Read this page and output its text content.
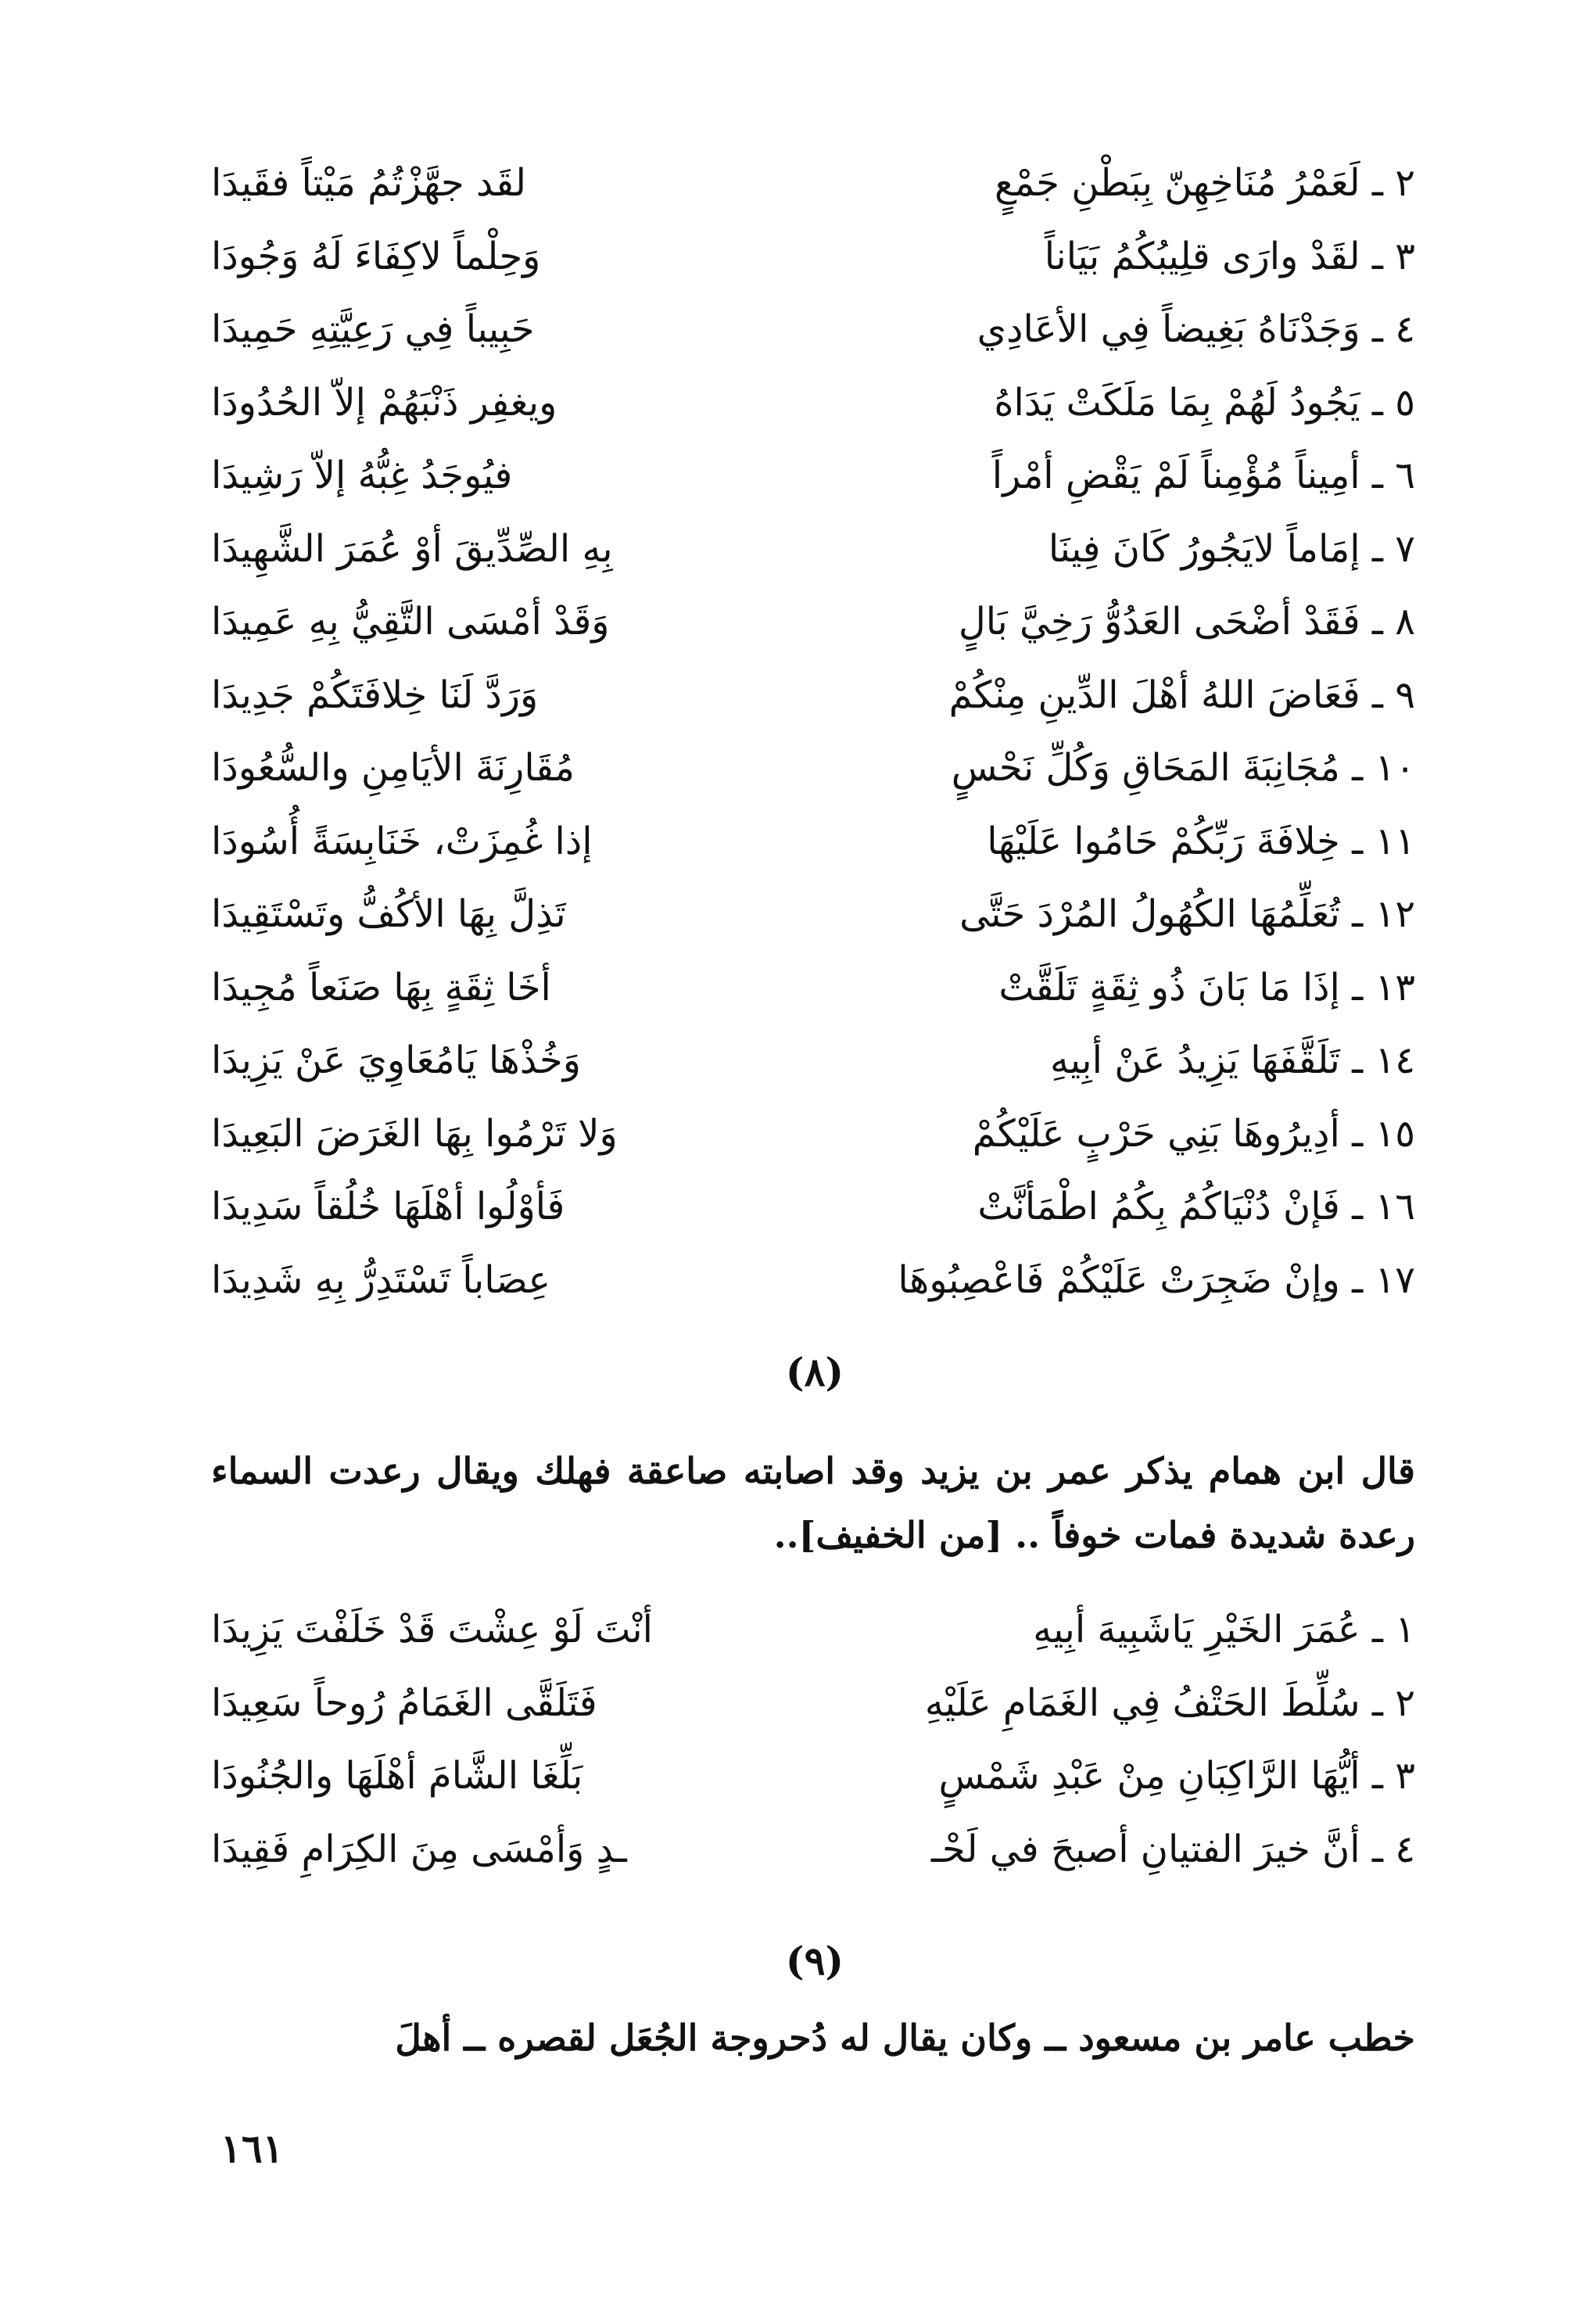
٢ ـ لَعَمْرُ مُنَاخِهِنّ بِبَطْنِ جَمْعٍ
لقَد جهَّزْتُمُ مَيْتاً فقَيدَا
٣ ـ لقَدْ وارَى قلِيبُكُمُ بَيَاناً
وَحِلْماً لاكِفَاءَ لَهُ وَجُودَا
٤ ـ وَجَدْنَاهُ بَغِيضاً فِي الأعَادِي
حَبِيباً فِي رَعِيَّتِهِ حَمِيدَا
٥ ـ يَجُودُ لَهُمْ بِمَا مَلَكَتْ يَدَاهُ
ويغفِر ذَنْبَهُمْ إلاّ الحُدُودَا
٦ ـ أمِيناً مُؤْمِناً لَمْ يَقْضِ أمْراً
فيُوجَدُ غِبُّهُ إلاّ رَشِيدَا
٧ ـ إمَاماً لايَجُورُ كَانَ فِينَا
بِهِ الصِّدِّيقَ أوْ عُمَرَ الشَّهِيدَا
٨ ـ فَقَدْ أضْحَى العَدُوُّ رَخِيَّ بَالٍ
وَقَدْ أمْسَى التَّقِيُّ بِهِ عَمِيدَا
٩ ـ فَعَاضَ اللهُ أهْلَ الدِّينِ مِنْكُمْ
وَرَدَّ لَنَا خِلافَتَكُمْ جَدِيدَا
١٠ ـ مُجَانِبَةَ المَحَاقِ وَكُلِّ نَحْسٍ
مُقَارِنَةَ الأيَامِنِ والسُّعُودَا
١١ ـ خِلافَةَ رَبِّكُمْ حَامُوا عَلَيْهَا
إذا غُمِزَتْ، خَنَابِسَةً أُسُودَا
١٢ ـ تُعَلِّمُهَا الكُهُولُ المُرْدَ حَتَّى
تَذِلَّ بِهَا الأكُفُّ وتَسْتَقِيدَا
١٣ ـ إذَا مَا بَانَ ذُو ثِقَةٍ تَلَقَّتْ
أخَا ثِقَةٍ بِهَا صَنَعاً مُجِيدَا
١٤ ـ تَلَقَّفَهَا يَزِيدُ عَنْ أبِيهِ
وَخُذْهَا يَامُعَاوِيَ عَنْ يَزِيدَا
١٥ ـ أدِيرُوهَا بَنِي حَرْبٍ عَلَيْكُمْ
وَلا تَرْمُوا بِهَا الغَرَضَ البَعِيدَا
١٦ ـ فَإنْ دُنْيَاكُمُ بِكُمُ اطْمَأنَّتْ
فَأوْلُوا أهْلَهَا خُلُقاً سَدِيدَا
١٧ ـ وإنْ ضَجِرَتْ عَلَيْكُمْ فَاعْصِبُوهَا
عِصَاباً تَسْتَدِرُّ بِهِ شَدِيدَا
(٨)
قال ابن همام يذكر عمر بن يزيد وقد اصابته صاعقة فهلك ويقال رعدت السماء رعدة شديدة فمات خوفاً .. [من الخفيف]..
١ ـ عُمَرَ الخَيْرِ يَاشَبِيهَ أبِيهِ
أنْتَ لَوْ عِشْتَ قَدْ خَلَفْتَ يَزِيدَا
٢ ـ سُلِّطَ الحَتْفُ فِي الغَمَامِ عَلَيْهِ
فَتَلَقَّى الغَمَامُ رُوحاً سَعِيدَا
٣ ـ أيُّهَا الرَّاكِبَانِ مِنْ عَبْدِ شَمْسٍ
بَلِّغَا الشَّامَ أهْلَهَا والجُنُودَا
٤ ـ أنَّ خيرَ الفتيانِ أصبحَ في لَحْـ
ـدٍ وَأمْسَى مِنَ الكِرَامِ فَقِيدَا
(٩)
خطب عامر بن مسعود ــ وكان يقال له دُحروجة الجُعَل لقصره ــ أهلَ
١٦١
